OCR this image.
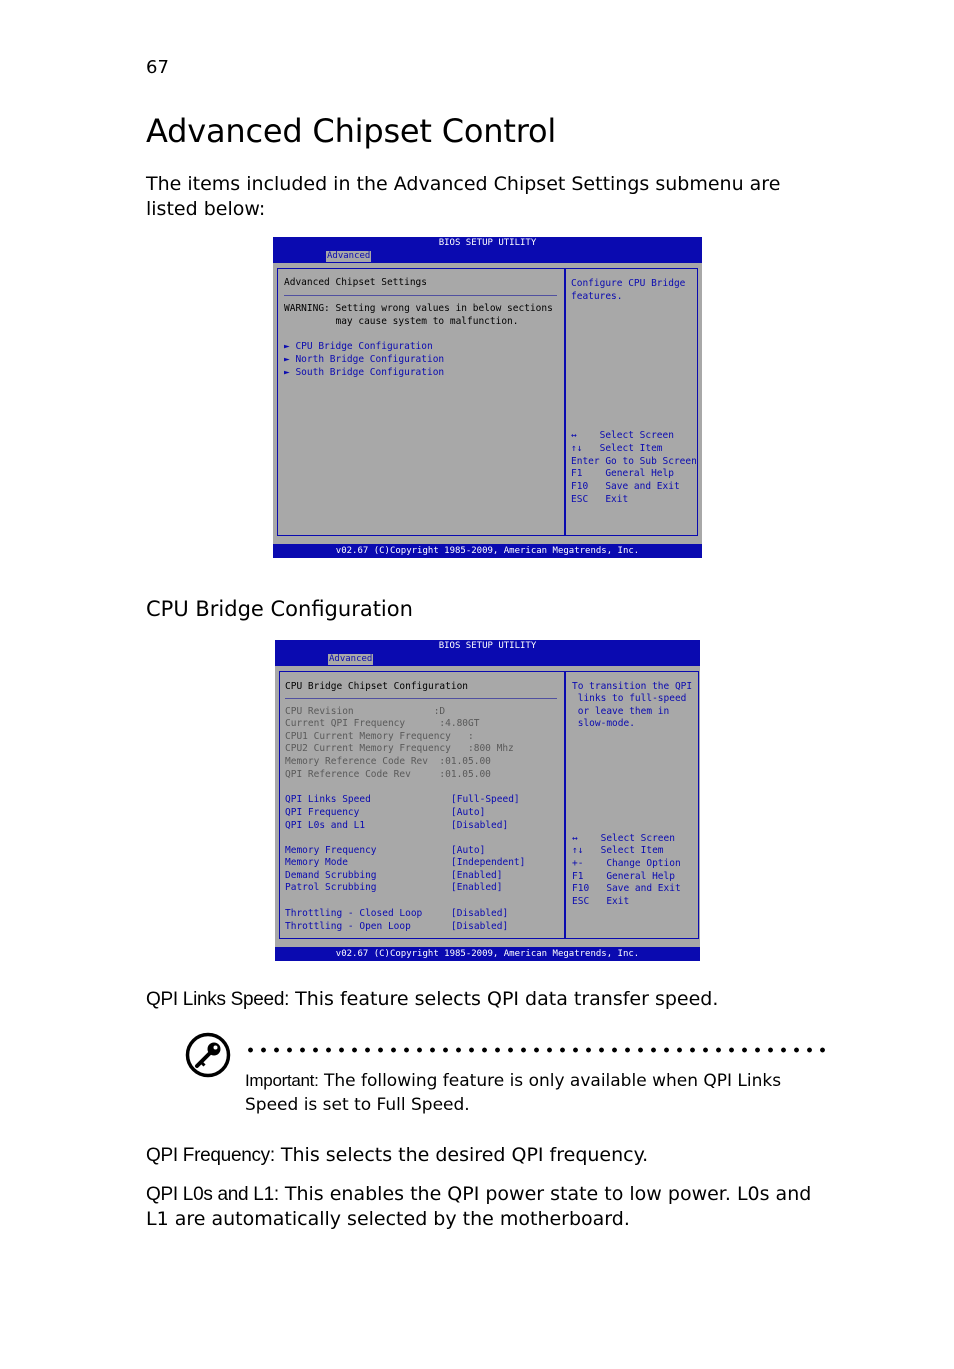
67
Advanced Chipset Control
The items included in the Advanced Chipset Settings submenu are listed below:
BIOS SETUP UTILITY
Advanced
Advanced Chipset Settings
WARNING: Setting wrong values in below sections
may cause system to malfunction.
► CPU Bridge Configuration
► North Bridge Configuration
► South Bridge Configuration
Configure CPU Bridge
features.
↔    Select Screen
↑↓   Select Item
Enter Go to Sub Screen
F1    General Help
F10   Save and Exit
ESC   Exit
v02.67 (C)Copyright 1985-2009, American Megatrends, Inc.
CPU Bridge Configuration
BIOS SETUP UTILITY
Advanced
CPU Bridge Chipset Configuration
CPU Revision              :D
Current QPI Frequency      :4.80GT
CPU1 Current Memory Frequency   :
CPU2 Current Memory Frequency   :800 Mhz
Memory Reference Code Rev  :01.05.00
QPI Reference Code Rev     :01.05.00
QPI Links Speed	[Full-Speed]
QPI Frequency	[Auto]
QPI L0s and L1	[Disabled]
Memory Frequency	[Auto]
Memory Mode	[Independent]
Demand Scrubbing	[Enabled]
Patrol Scrubbing	[Enabled]
Throttling - Closed Loop	[Disabled]
Throttling - Open Loop	[Disabled]
To transition the QPI
links to full-speed
or leave them in
slow-mode.
↔    Select Screen
↑↓   Select Item
+-    Change Option
F1    General Help
F10   Save and Exit
ESC   Exit
v02.67 (C)Copyright 1985-2009, American Megatrends, Inc.
QPI Links Speed: This feature selects QPI data transfer speed.
Important: The following feature is only available when QPI Links Speed is set to Full Speed.
QPI Frequency: This selects the desired QPI frequency.
QPI L0s and L1: This enables the QPI power state to low power. L0s and L1 are automatically selected by the motherboard.
